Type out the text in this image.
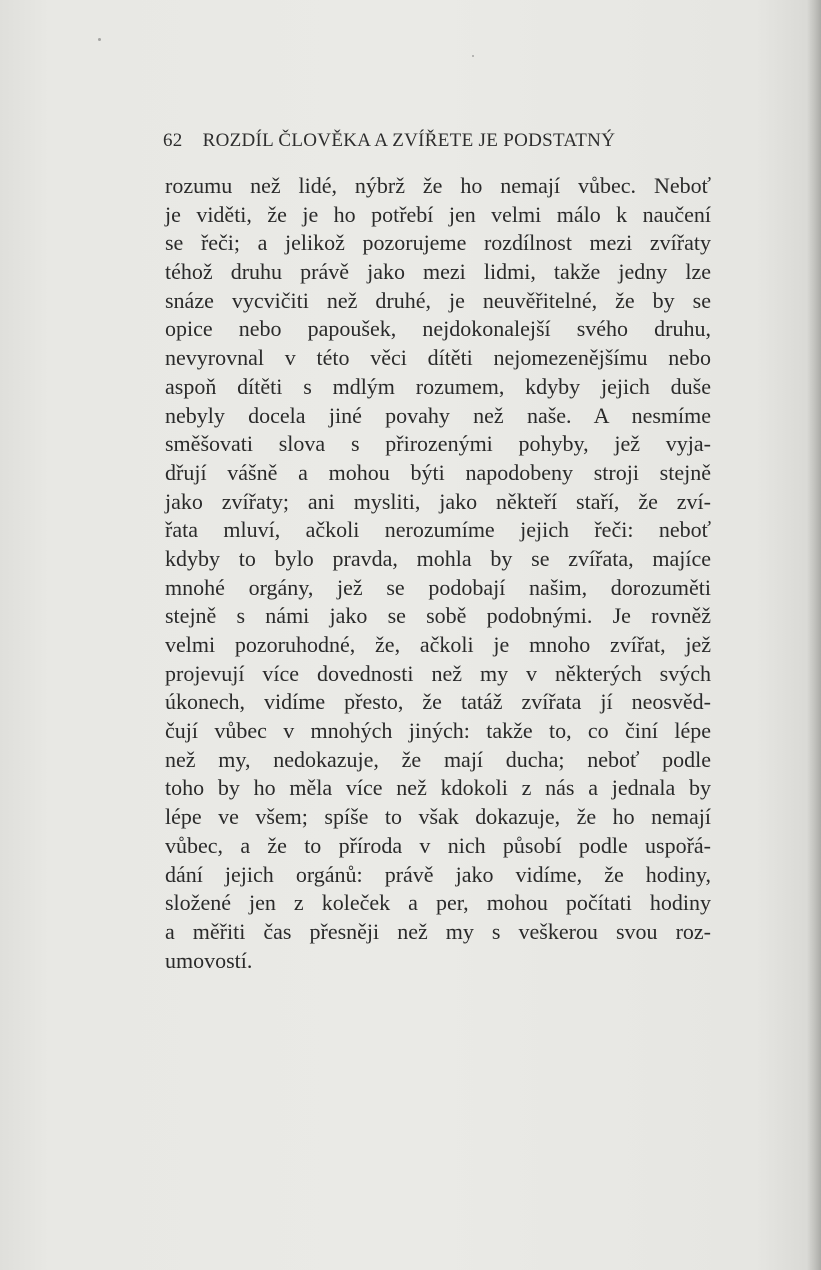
62 ROZDÍL ČLOVĚKA A ZVÍŘETE JE PODSTATNÝ
rozumu než lidé, nýbrž že ho nemají vůbec. Neboť
je viděti, že je ho potřebí jen velmi málo k naučení
se řeči; a jelikož pozorujeme rozdílnost mezi zvířaty
téhož druhu právě jako mezi lidmi, takže jedny lze
snáze vycvičiti než druhé, je neuvěřitelné, že by se
opice nebo papoušek, nejdokonalejší svého druhu,
nevyrovnal v této věci dítěti nejomezenějšímu nebo
aspoň dítěti s mdlým rozumem, kdyby jejich duše
nebyly docela jiné povahy než naše. A nesmíme
směšovati slova s přirozenými pohyby, jež vyja-
dřují vášně a mohou býti napodobeny stroji stejně
jako zvířaty; ani mysliti, jako někteří staří, že zví-
řata mluví, ačkoli nerozumíme jejich řeči: neboť
kdyby to bylo pravda, mohla by se zvířata, majíce
mnohé orgány, jež se podobají našim, dorozuměti
stejně s námi jako se sobě podobnými. Je rovněž
velmi pozoruhodné, že, ačkoli je mnoho zvířat, jež
projevují více dovednosti než my v některých svých
úkonech, vidíme přesto, že tatáž zvířata jí neosvěd-
čují vůbec v mnohých jiných: takže to, co činí lépe
než my, nedokazuje, že mají ducha; neboť podle
toho by ho měla více než kdokoli z nás a jednala by
lépe ve všem; spíše to však dokazuje, že ho nemají
vůbec, a že to příroda v nich působí podle uspořá-
dání jejich orgánů: právě jako vidíme, že hodiny,
složené jen z koleček a per, mohou počítati hodiny
a měřiti čas přesněji než my s veškerou svou roz-
umovostí.
